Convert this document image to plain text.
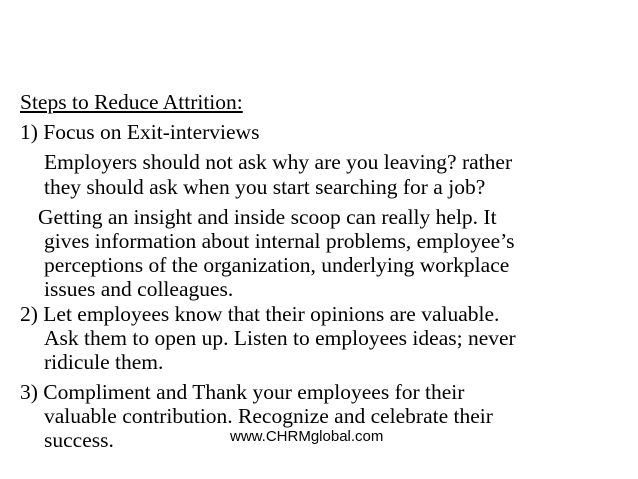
Steps to Reduce Attrition:
1) Focus on Exit-interviews
Employers should not ask why are you leaving? rather
they should ask when you start searching for a job?
Getting an insight and inside scoop can really help. It
gives information about internal problems, employee’s
perceptions of the organization, underlying workplace
issues and colleagues.
2) Let employees know that their opinions are valuable.
Ask them to open up. Listen to employees ideas; never
ridicule them.
3) Compliment and Thank your employees for their
valuable contribution. Recognize and celebrate their
success.	www.CHRMglobal.com
